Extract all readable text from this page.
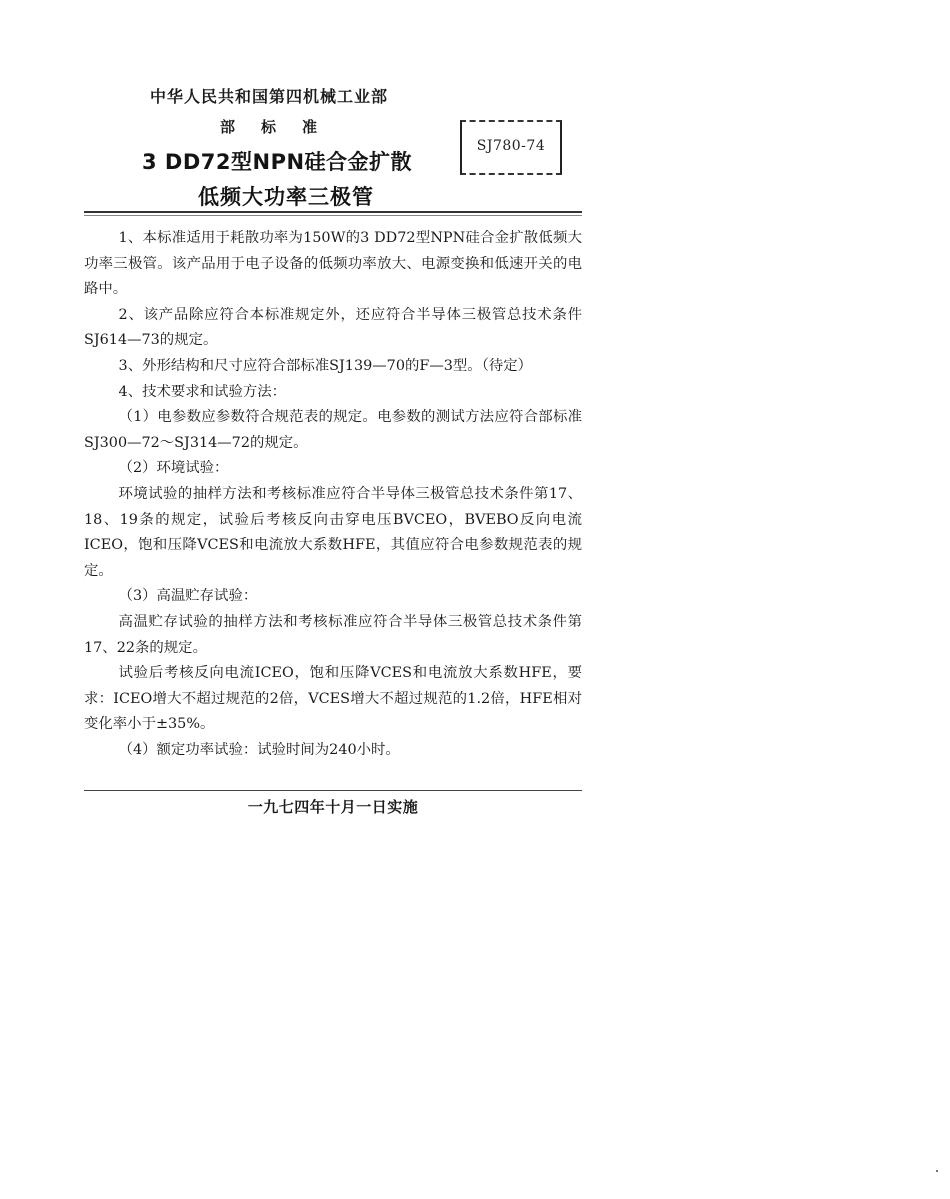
中华人民共和国第四机械工业部
部标准
3 DD72型NPN硅合金扩散
低频大功率三极管
SJ780-74

1、本标准适用于耗散功率为150W的3 DD72型NPN硅合金扩散低频大功率三极管。该产品用于电子设备的低频功率放大、电源变换和低速开关的电路中。

2、该产品除应符合本标准规定外，还应符合半导体三极管总技术条件SJ614—73的规定。

3、外形结构和尺寸应符合部标准SJ139—70的F—3型。（待定）

4、技术要求和试验方法：

（1）电参数应参数符合规范表的规定。电参数的测试方法应符合部标准SJ300—72～SJ314—72的规定。

（2）环境试验：

环境试验的抽样方法和考核标准应符合半导体三极管总技术条件第17、18、19条的规定，试验后考核反向击穿电压BVCEO，BVEBO反向电流ICEO，饱和压降VCES和电流放大系数HFE，其值应符合电参数规范表的规定。

（3）高温贮存试验：

高温贮存试验的抽样方法和考核标准应符合半导体三极管总技术条件第17、22条的规定。

试验后考核反向电流ICEO，饱和压降VCES和电流放大系数HFE，要求：ICEO增大不超过规范的2倍，VCES增大不超过规范的1.2倍，HFE相对变化率小于±35%。

（4）额定功率试验：试验时间为240小时。

一九七四年十月一日实施
